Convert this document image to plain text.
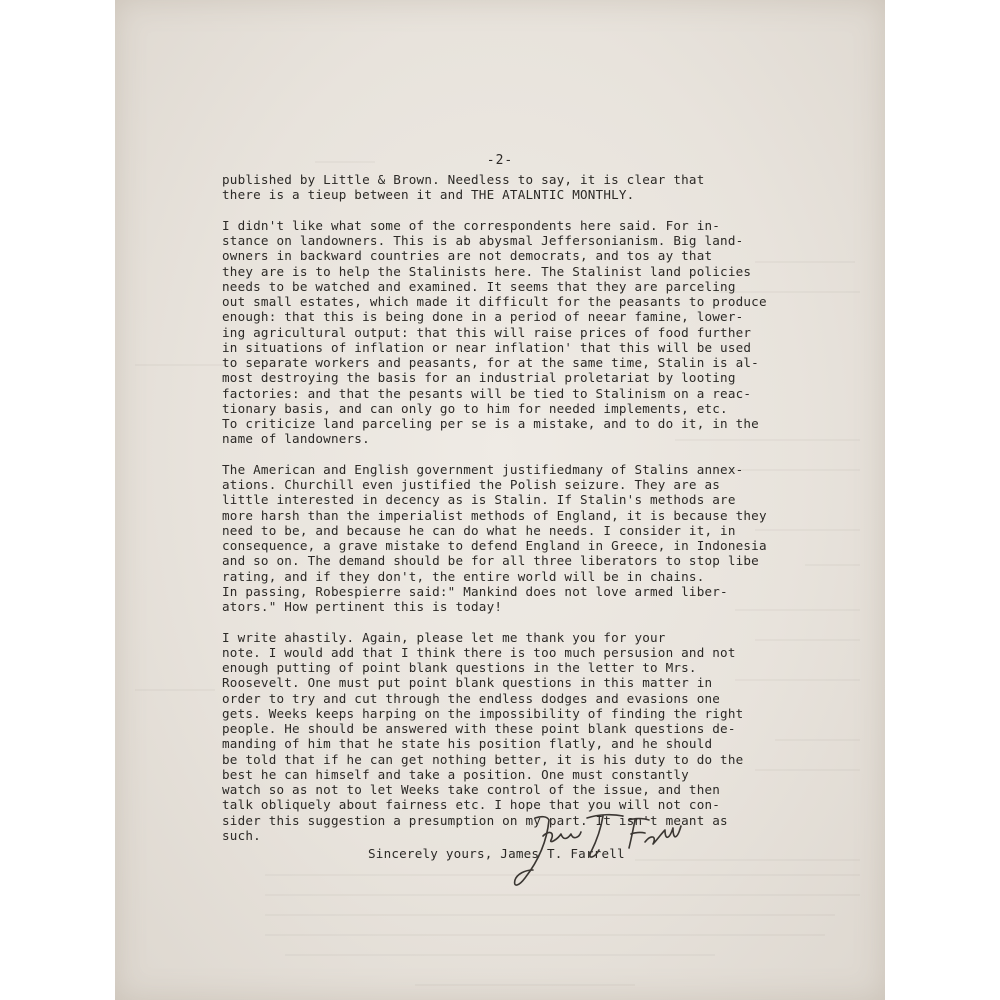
-2-
published by Little & Brown. Needless to say, it is clear that
there is a tieup between it and THE ATALNTIC MONTHLY.
I didn't like what some of the correspondents here said. For in-
stance on landowners. This is ab abysmal Jeffersonianism. Big land-
owners in backward countries are not democrats, and tos ay that
they are is to help the Stalinists here. The Stalinist land policies
needs to be watched and examined. It seems that they are parceling
out small estates, which made it difficult for the peasants to produce
enough: that this is being done in a period of neear famine, lower-
ing agricultural output: that this will raise prices of food further
in situations of inflation or near inflation' that this will be used
to separate workers and peasants, for at the same time, Stalin is al-
most destroying the basis for an industrial proletariat by looting
factories: and that the pesants will be tied to Stalinism on a reac-
tionary basis, and can only go to him for needed implements, etc.
To criticize land parceling per se is a mistake, and to do it, in the
name of landowners.
The American and English government justifiedmany of Stalins annex-
ations. Churchill even justified the Polish seizure. They are as
little interested in decency as is Stalin. If Stalin's methods are
more harsh than the imperialist methods of England, it is because they
need to be, and because he can do what he needs. I consider it, in
consequence, a grave mistake to defend England in Greece, in Indonesia
and so on. The demand should be for all three liberators to stop libe
rating, and if they don't, the entire world will be in chains.
In passing, Robespierre said:" Mankind does not love armed liber-
ators." How pertinent this is today!
I write ahastily. Again, please let me thank you for your
note. I would add that I think there is too much persusion and not
enough putting of point blank questions in the letter to Mrs.
Roosevelt. One must put point blank questions in this matter in
order to try and cut through the endless dodges and evasions one
gets. Weeks keeps harping on the impossibility of finding the right
people. He should be answered with these point blank questions de-
manding of him that he state his position flatly, and he should
be told that if he can get nothing better, it is his duty to do the
best he can himself and take a position. One must constantly
watch so as not to let Weeks take control of the issue, and then
talk obliquely about fairness etc. I hope that you will not con-
sider this suggestion a presumption on my part. It isn't meant as
such.
Sincerely yours, James T. Farrell
